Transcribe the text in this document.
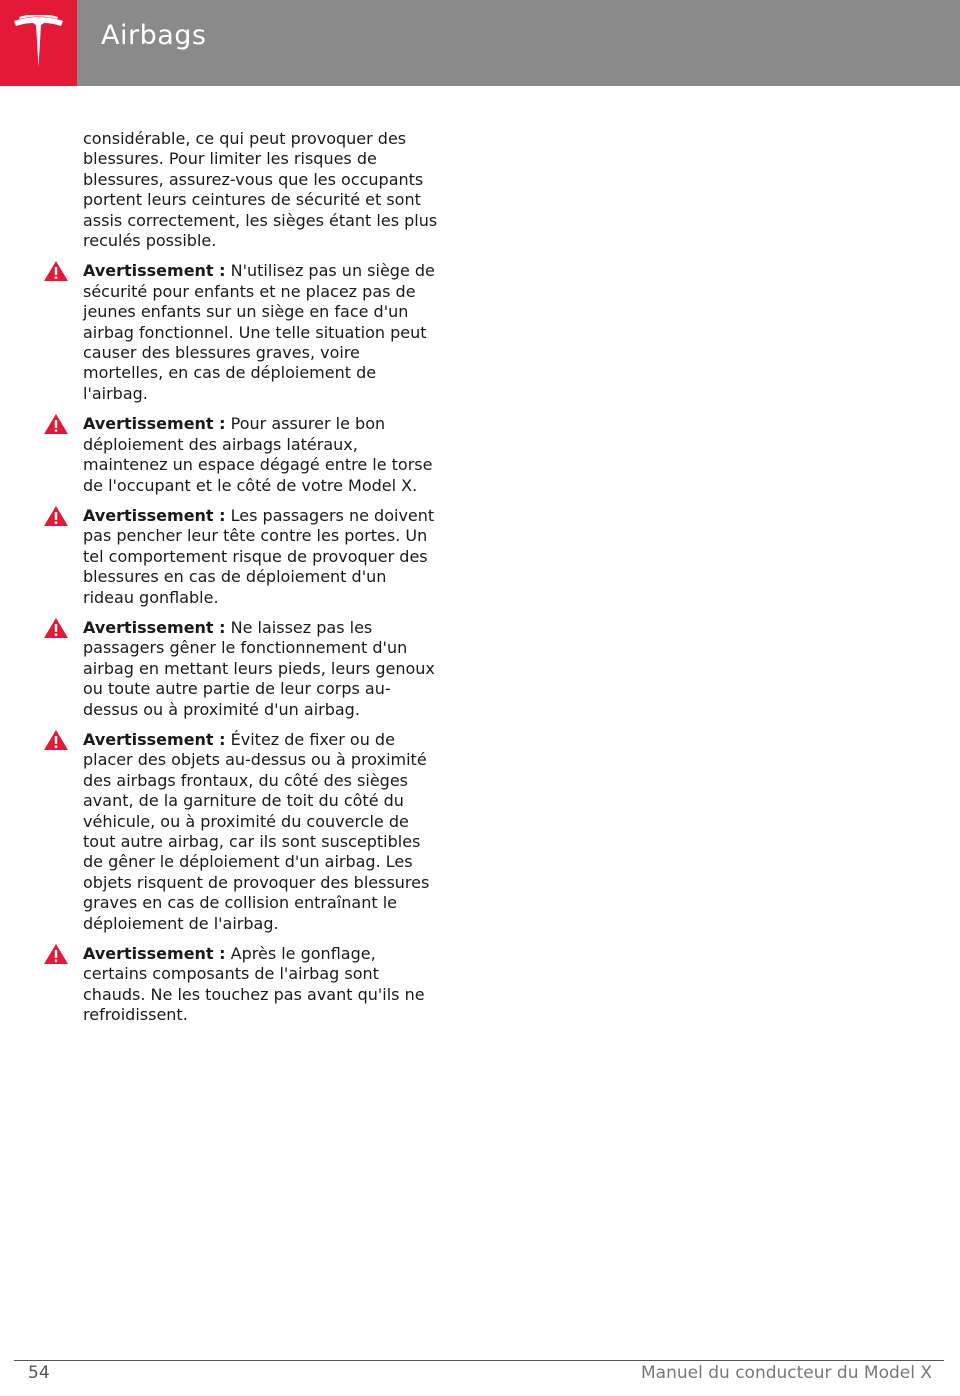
Airbags

considérable, ce qui peut provoquer des blessures. Pour limiter les risques de blessures, assurez-vous que les occupants portent leurs ceintures de sécurité et sont assis correctement, les sièges étant les plus reculés possible.

Avertissement : N'utilisez pas un siège de sécurité pour enfants et ne placez pas de jeunes enfants sur un siège en face d'un airbag fonctionnel. Une telle situation peut causer des blessures graves, voire mortelles, en cas de déploiement de l'airbag.
Avertissement : Pour assurer le bon déploiement des airbags latéraux, maintenez un espace dégagé entre le torse de l'occupant et le côté de votre Model X.
Avertissement : Les passagers ne doivent pas pencher leur tête contre les portes. Un tel comportement risque de provoquer des blessures en cas de déploiement d'un rideau gonflable.
Avertissement : Ne laissez pas les passagers gêner le fonctionnement d'un airbag en mettant leurs pieds, leurs genoux ou toute autre partie de leur corps au-dessus ou à proximité d'un airbag.
Avertissement : Évitez de fixer ou de placer des objets au-dessus ou à proximité des airbags frontaux, du côté des sièges avant, de la garniture de toit du côté du véhicule, ou à proximité du couvercle de tout autre airbag, car ils sont susceptibles de gêner le déploiement d'un airbag. Les objets risquent de provoquer des blessures graves en cas de collision entraînant le déploiement de l'airbag.
Avertissement : Après le gonflage, certains composants de l'airbag sont chauds. Ne les touchez pas avant qu'ils ne refroidissent.
54	Manuel du conducteur du Model X
